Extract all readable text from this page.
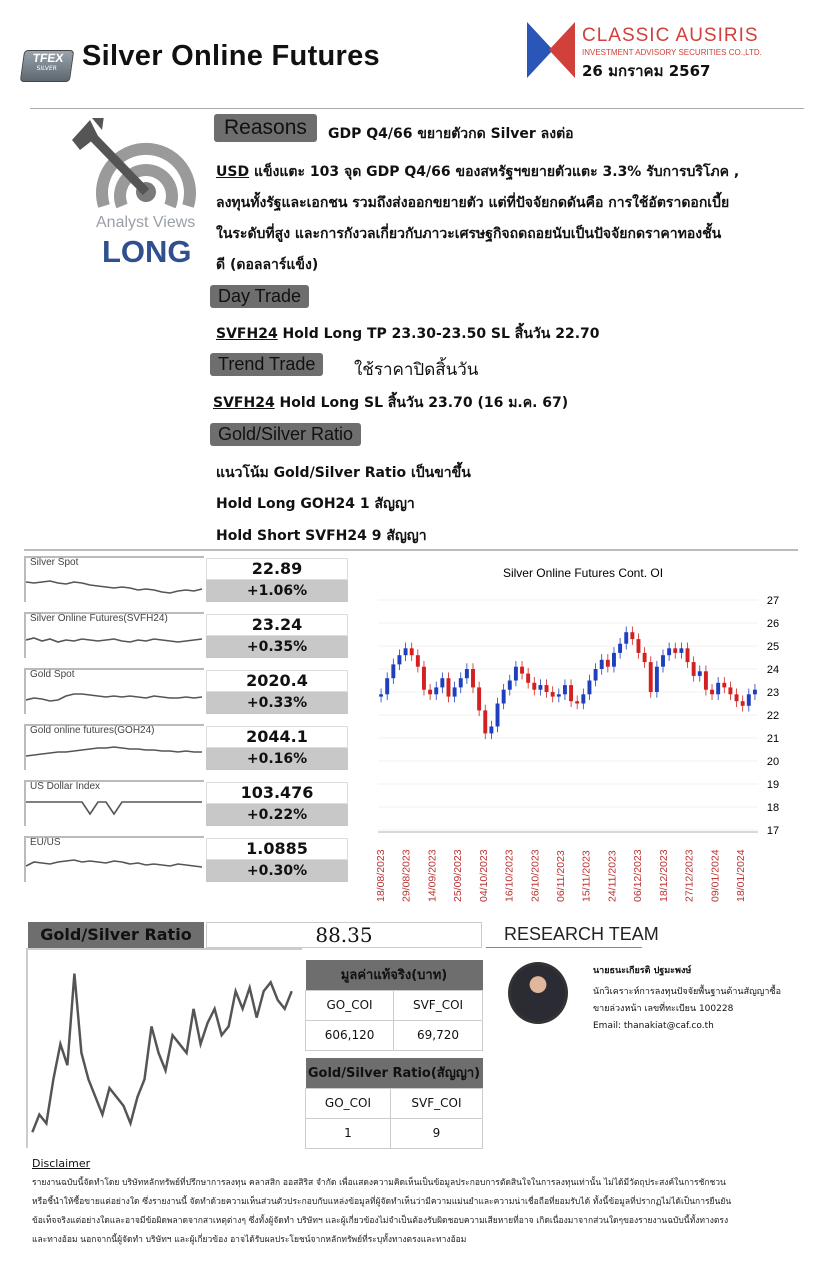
TFEX
SILVER Silver Online Futures
CLASSIC AUSIRIS
INVESTMENT ADVISORY SECURITIES CO.,LTD.
26 มกราคม 2567
Analyst Views
LONG
Reasons	GDP Q4/66 ขยายตัวกด Silver ลงต่อ
USD แข็งแตะ 103 จุด GDP Q4/66 ของสหรัฐฯขยายตัวแตะ 3.3% รับการบริโภค ,
ลงทุนทั้งรัฐและเอกชน รวมถึงส่งออกขยายตัว แต่ที่ปัจจัยกดดันคือ การใช้อัตราดอกเบี้ย
ในระดับที่สูง และการกังวลเกี่ยวกับภาวะเศรษฐกิจถดถอยนับเป็นปัจจัยกดราคาทองชั้น
ดี (ดอลลาร์แข็ง)
Day Trade
SVFH24 Hold Long TP 23.30-23.50 SL สิ้นวัน 22.70
Trend Trade	ใช้ราคาปิดสิ้นวัน
SVFH24 Hold Long SL สิ้นวัน 23.70 (16 ม.ค. 67)
Gold/Silver Ratio
แนวโน้ม Gold/Silver Ratio เป็นขาขึ้น
Hold Long GOH24 1 สัญญา
Hold Short SVFH24 9 สัญญา
Silver Spot	22.89
+1.06%
Silver Online Futures(SVFH24)	23.24
+0.35%
Gold Spot	2020.4
+0.33%
Gold online futures(GOH24)	2044.1
+0.16%
US Dollar Index	103.476
+0.22%
EU/US	1.0885
+0.30%
Silver Online Futures Cont. OI
17
18
19
20
21
22
23
24
25
26
27
18/08/2023 29/08/2023 14/09/2023 25/09/2023 04/10/2023 16/10/2023 26/10/2023 06/11/2023 15/11/2023 24/11/2023 06/12/2023 18/12/2023 27/12/2023 09/01/2024 18/01/2024
Gold/Silver Ratio	88.35
มูลค่าแท้จริง(บาท)	
GO_COI	SVF_COI
606,120	69,720
Gold/Silver Ratio(สัญญา)	
GO_COI	SVF_COI
1	9
RESEARCH TEAM
นายธนะเกียรติ ปฐมะพงษ์
นักวิเคราะห์การลงทุนปัจจัยพื้นฐานด้านสัญญาซื้อ
ขายล่วงหน้า เลขที่ทะเบียน 100228
Email: thanakiat@caf.co.th
Disclaimer
รายงานฉบับนี้จัดทำโดย บริษัทหลักทรัพย์ที่ปรึกษาการลงทุน คลาสสิก ออสสิริส จำกัด เพื่อแสดงความคิดเห็นเป็นข้อมูลประกอบการตัดสินใจในการลงทุนเท่านั้น ไม่ได้มีวัตถุประสงค์ในการชักชวน
หรือชี้นำให้ซื้อขายแต่อย่างใด ซึ่งรายงานนี้ จัดทำด้วยความเห็นส่วนตัวประกอบกับแหล่งข้อมูลที่ผู้จัดทำเห็นว่ามีความแม่นยำและความน่าเชื่อถือที่ยอมรับได้ ทั้งนี้ข้อมูลที่ปรากฏไม่ได้เป็นการยืนยัน
ข้อเท็จจริงแต่อย่างใดและอาจมีข้อผิดพลาดจากสาเหตุต่างๆ ซึ่งทั้งผู้จัดทำ บริษัทฯ และผู้เกี่ยวข้องไม่จำเป็นต้องรับผิดชอบความเสียหายที่อาจ เกิดเนื่องมาจากส่วนใดๆของรายงานฉบับนี้ทั้งทางตรง
และทางอ้อม นอกจากนี้ผู้จัดทำ บริษัทฯ และผู้เกี่ยวข้อง อาจได้รับผลประโยชน์จากหลักทรัพย์ที่ระบุทั้งทางตรงและทางอ้อม
